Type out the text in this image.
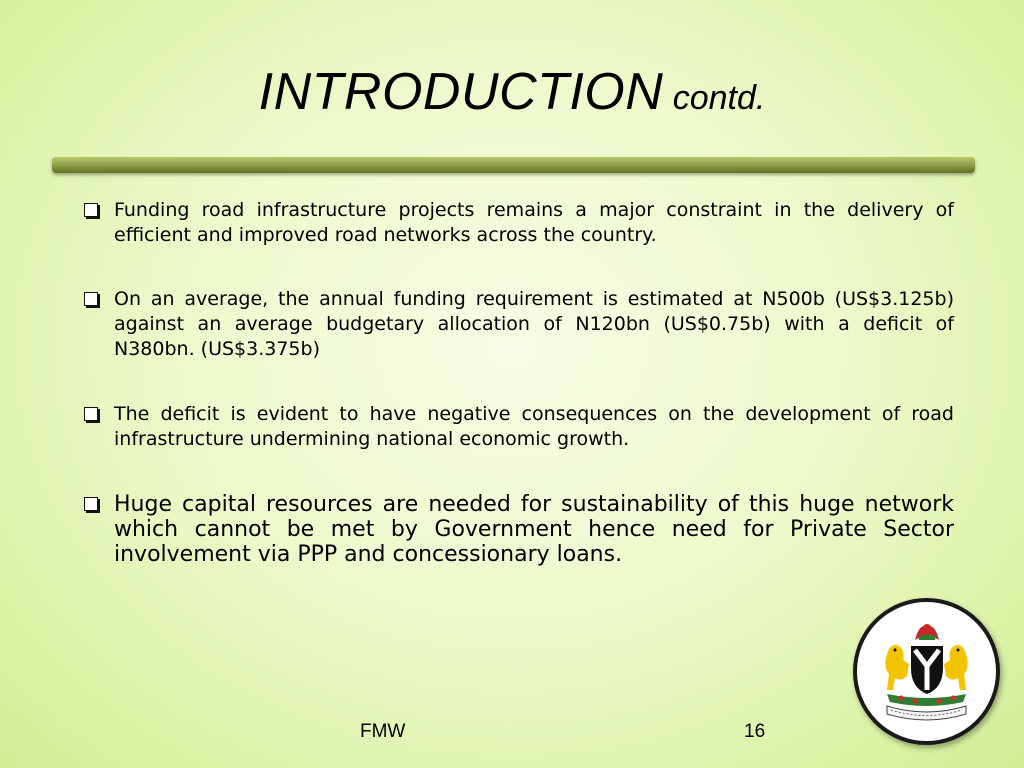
INTRODUCTION contd.
Funding road infrastructure projects remains a major constraint in the delivery of efficient and improved road networks across the country.
On an average, the annual funding requirement is estimated at N500b (US$3.125b) against an average budgetary allocation of N120bn (US$0.75b) with a deficit of N380bn. (US$3.375b)
The deficit is evident to have negative consequences on the development of road infrastructure undermining national economic growth.
Huge capital resources are needed for sustainability of this huge network which cannot be met by Government hence need for Private Sector involvement via PPP and concessionary loans.
FMW	16
